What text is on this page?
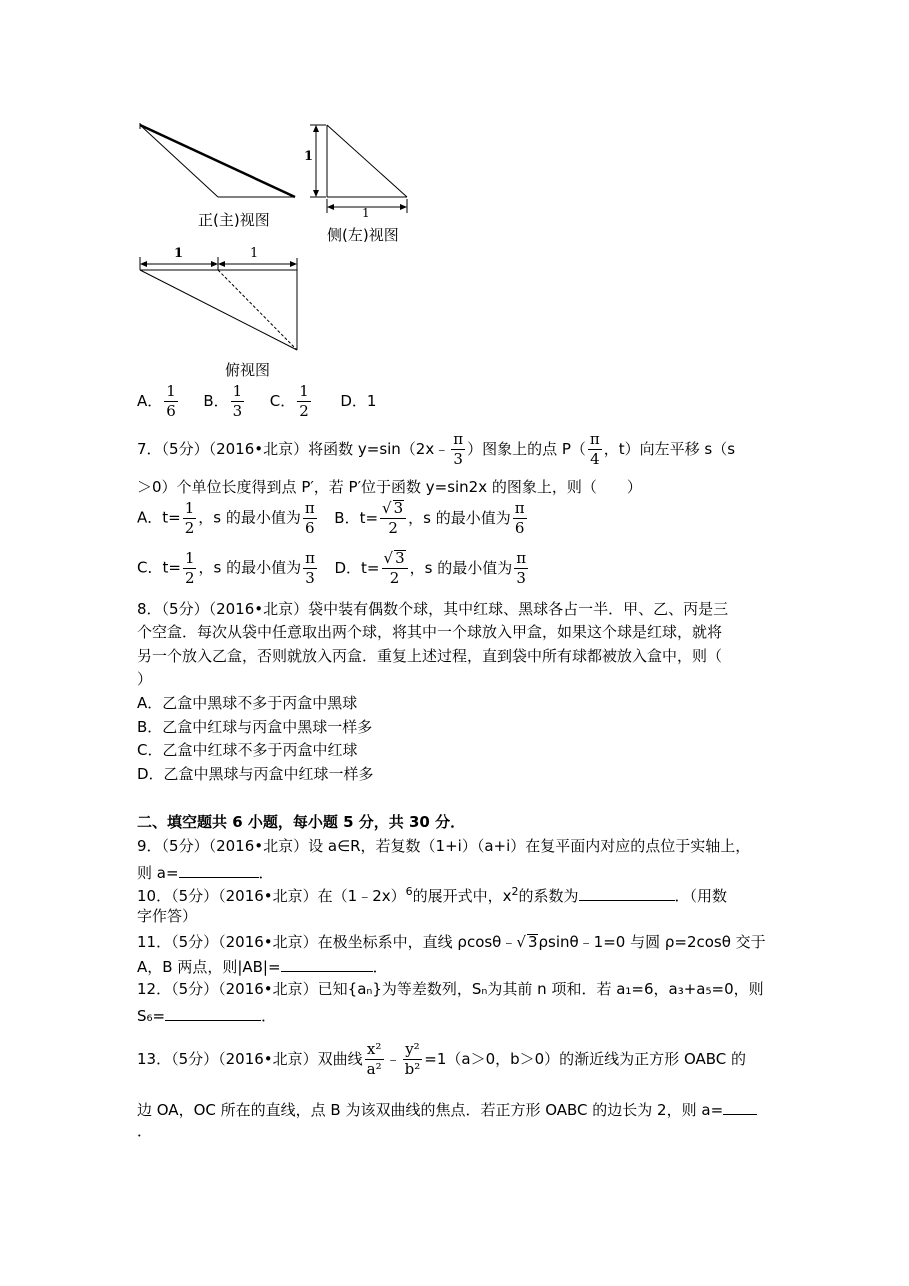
1
1
1	1
正(主)视图
侧(左)视图
俯视图
A． $\frac{1}{6}$ B． $\frac{1}{3}$ C． $\frac{1}{2}$ D．1
7．（5分）（2016•北京）将函数 y=sin（2x﹣ $\frac{\pi}{3}$ ）图象上的点 $P( \frac{\pi}{4}$ ，t）向左平移 s（s
＞0）个单位长度得到点 P′，若 P′位于函数 y=sin2x 的图象上，则（　　）
A．$t= \frac{1}{2}$ ，s 的最小值为 $\frac{\pi}{6}$ B．$t= \frac{√ 3}{2}$ ，s 的最小值为 $\frac{\pi}{6}$
C．$t= \frac{1}{2}$ ，s 的最小值为 $\frac{\pi}{3}$ D．$t= \frac{√ 3}{2}$ ，s 的最小值为 $\frac{\pi}{3}$
8．（5分）（2016•北京）袋中装有偶数个球，其中红球、黑球各占一半．甲、乙、丙是三
个空盒．每次从袋中任意取出两个球，将其中一个球放入甲盒，如果这个球是红球，就将
另一个放入乙盒，否则就放入丙盒．重复上述过程，直到袋中所有球都被放入盒中，则（
）
A．乙盒中黑球不多于丙盒中黑球
B．乙盒中红球与丙盒中黑球一样多
C．乙盒中红球不多于丙盒中红球
D．乙盒中黑球与丙盒中红球一样多
二、填空题共 6 小题，每小题 5 分，共 30 分．
9．（5分）（2016•北京）设 a∈R，若复数（1+i）（a+i）在复平面内对应的点位于实轴上，
则 a=	．
10．（5分）（2016•北京）在（1﹣2x）$^6$的展开式中，$x^2$的系数为	．（用数
字作答）
11．（5分）（2016•北京）在极坐标系中，直线 ρcosθ﹣√ 3ρsinθ﹣1=0 与圆 ρ=2cosθ 交于
A，B 两点，则|AB|=	．
12．（5分）（2016•北京）已知{aₙ}为等差数列，Sₙ为其前 n 项和．若 a₁=6，a₃+a₅=0，则
S₆=	．
13．（5分）（2016•北京）双曲线 $\frac{\text{x²}}{\text{a²}}$ ﹣ $\frac{\text{y²}}{\text{b²}} =1(a>0$，b＞0）的渐近线为正方形 OABC 的
边 OA，OC 所在的直线，点 B 为该双曲线的焦点．若正方形 OABC 的边长为 2，则 a=
．
